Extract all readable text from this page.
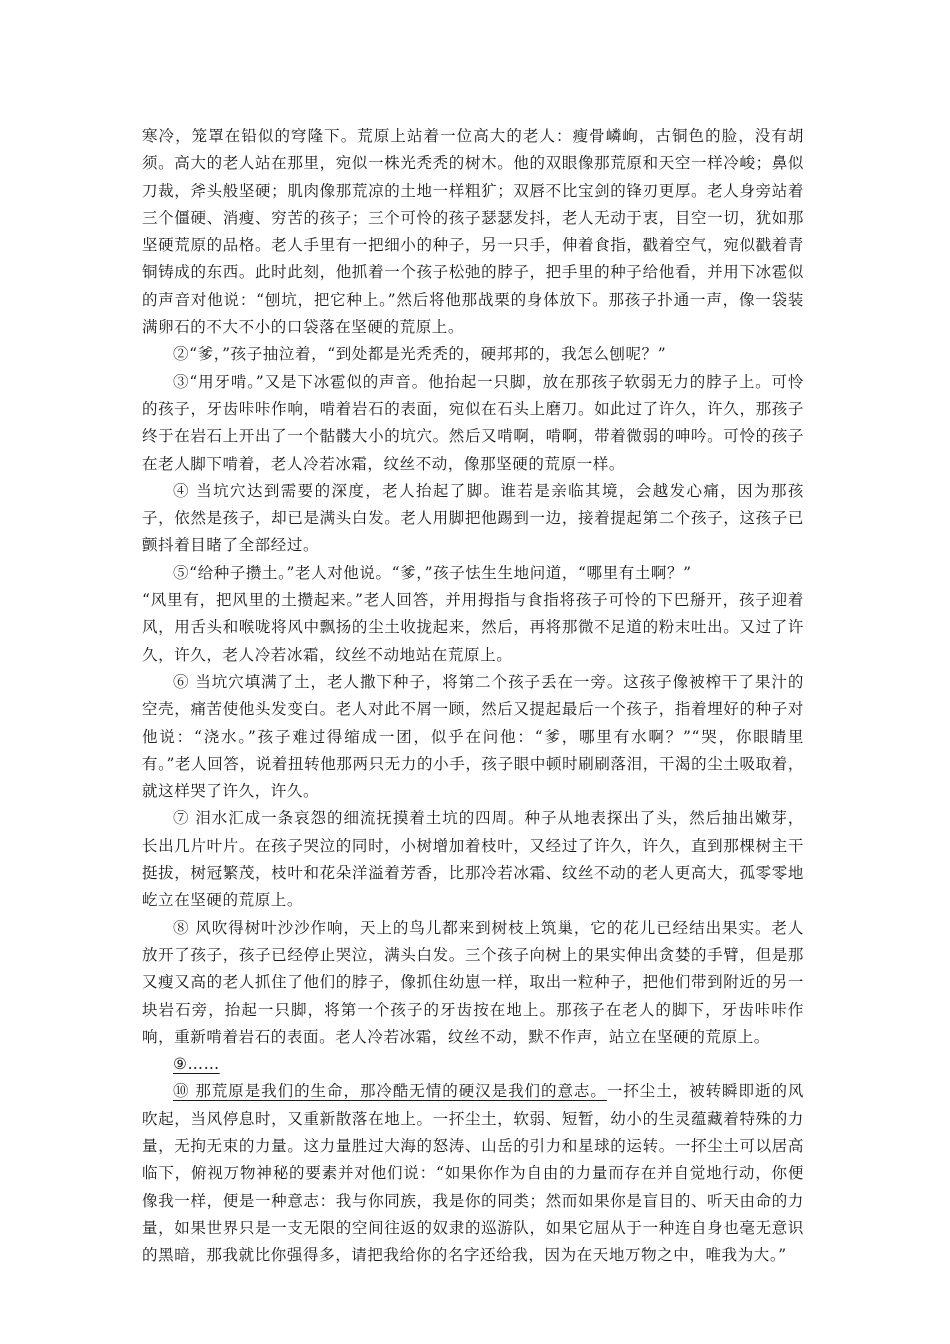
寒冷，笼罩在铅似的穹隆下。荒原上站着一位高大的老人：瘦骨嶙峋，古铜色的脸，没有胡须。高大的老人站在那里，宛似一株光秃秃的树木。他的双眼像那荒原和天空一样冷峻；鼻似刀裁，斧头般坚硬；肌肉像那荒凉的土地一样粗犷；双唇不比宝剑的锋刃更厚。老人身旁站着三个僵硬、消瘦、穷苦的孩子；三个可怜的孩子瑟瑟发抖，老人无动于衷，目空一切，犹如那坚硬荒原的品格。老人手里有一把细小的种子，另一只手，伸着食指，戳着空气，宛似戳着青铜铸成的东西。此时此刻，他抓着一个孩子松弛的脖子，把手里的种子给他看，并用下冰雹似的声音对他说：“刨坑，把它种上。”然后将他那战栗的身体放下。那孩子扑通一声，像一袋装满卵石的不大不小的口袋落在坚硬的荒原上。

②“爹，”孩子抽泣着，“到处都是光秃秃的，硬邦邦的，我怎么刨呢？”

③“用牙啃。”又是下冰雹似的声音。他抬起一只脚，放在那孩子软弱无力的脖子上。可怜的孩子，牙齿咔咔作响，啃着岩石的表面，宛似在石头上磨刀。如此过了许久，许久，那孩子终于在岩石上开出了一个骷髅大小的坑穴。然后又啃啊，啃啊，带着微弱的呻吟。可怜的孩子在老人脚下啃着，老人冷若冰霜，纹丝不动，像那坚硬的荒原一样。

④ 当坑穴达到需要的深度，老人抬起了脚。谁若是亲临其境，会越发心痛，因为那孩子，依然是孩子，却已是满头白发。老人用脚把他踢到一边，接着提起第二个孩子，这孩子已颤抖着目睹了全部经过。

⑤“给种子攒土。”老人对他说。“爹，”孩子怯生生地问道，“哪里有土啊？”

“风里有，把风里的土攒起来。”老人回答，并用拇指与食指将孩子可怜的下巴掰开，孩子迎着风，用舌头和喉咙将风中飘扬的尘土收拢起来，然后，再将那微不足道的粉末吐出。又过了许久，许久，老人冷若冰霜，纹丝不动地站在荒原上。

⑥ 当坑穴填满了土，老人撒下种子，将第二个孩子丢在一旁。这孩子像被榨干了果汁的空壳，痛苦使他头发变白。老人对此不屑一顾，然后又提起最后一个孩子，指着埋好的种子对他说：“浇水。”孩子难过得缩成一团，似乎在问他：“爹，哪里有水啊？”“哭，你眼睛里有。”老人回答，说着扭转他那两只无力的小手，孩子眼中顿时刷刷落泪，干渴的尘土吸取着，就这样哭了许久，许久。

⑦ 泪水汇成一条哀怨的细流抚摸着土坑的四周。种子从地表探出了头，然后抽出嫩芽，长出几片叶片。在孩子哭泣的同时，小树增加着枝叶，又经过了许久，许久，直到那棵树主干挺拔，树冠繁茂，枝叶和花朵洋溢着芳香，比那冷若冰霜、纹丝不动的老人更高大，孤零零地屹立在坚硬的荒原上。

⑧ 风吹得树叶沙沙作响，天上的鸟儿都来到树枝上筑巢，它的花儿已经结出果实。老人放开了孩子，孩子已经停止哭泣，满头白发。三个孩子向树上的果实伸出贪婪的手臂，但是那又瘦又高的老人抓住了他们的脖子，像抓住幼崽一样，取出一粒种子，把他们带到附近的另一块岩石旁，抬起一只脚，将第一个孩子的牙齿按在地上。那孩子在老人的脚下，牙齿咔咔作响，重新啃着岩石的表面。老人冷若冰霜，纹丝不动，默不作声，站立在坚硬的荒原上。

⑨……

⑩ 那荒原是我们的生命，那冷酷无情的硬汉是我们的意志。一抔尘土，被转瞬即逝的风吹起，当风停息时，又重新散落在地上。一抔尘土，软弱、短暂，幼小的生灵蕴藏着特殊的力量，无拘无束的力量。这力量胜过大海的怒涛、山岳的引力和星球的运转。一抔尘土可以居高临下，俯视万物神秘的要素并对他们说：“如果你作为自由的力量而存在并自觉地行动，你便像我一样，便是一种意志：我与你同族，我是你的同类；然而如果你是盲目的、听天由命的力量，如果世界只是一支无限的空间往返的奴隶的巡游队，如果它屈从于一种连自身也毫无意识的黑暗，那我就比你强得多，请把我给你的名字还给我，因为在天地万物之中，唯我为大。”
